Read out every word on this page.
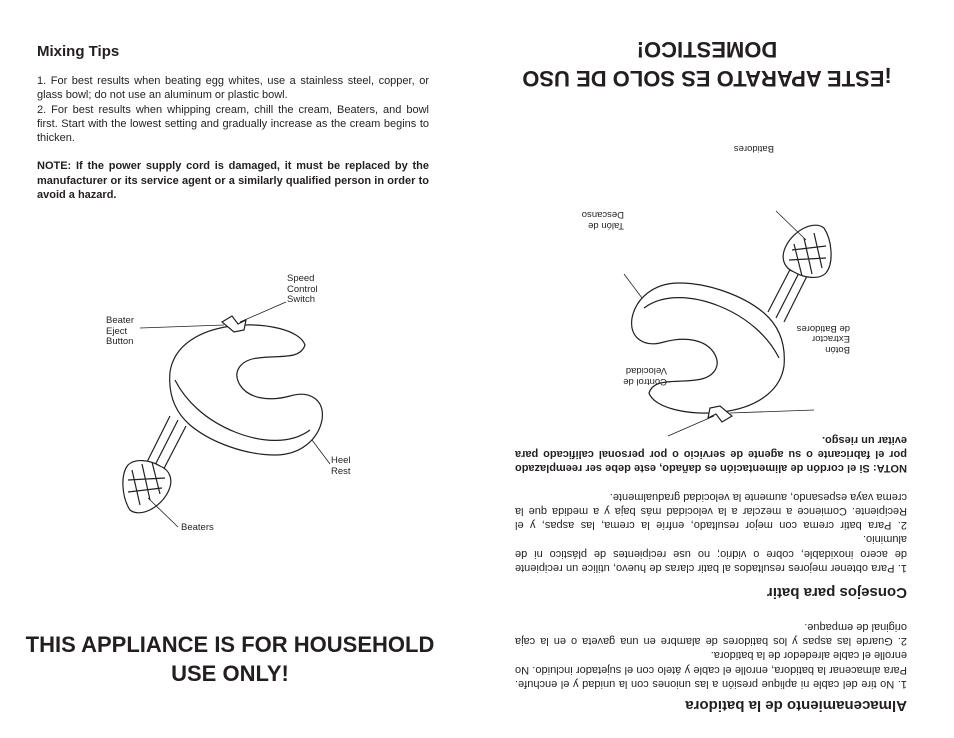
Mixing Tips

1. For best results when beating egg whites, use a stainless steel, copper, or glass bowl; do not use an aluminum or plastic bowl.

2. For best results when whipping cream, chill the cream, Beaters, and bowl first. Start with the lowest setting and gradually increase as the cream begins to thicken.

NOTE: If the power supply cord is damaged, it must be replaced by the manufacturer or its service agent or a similarly qualified person in order to avoid a hazard.

Speed
Control
Switch
Beater
Eject
Button
Heel
Rest
Beaters
THIS APPLIANCE IS FOR HOUSEHOLD
USE ONLY!
Almacenamiento de la batidora

1. No tire del cable ni aplique presión a las uniones con la unidad y el enchufe. Para almacenar la batidora, enrolle el cable y átelo con el sujetador incluido. No enrolle el cable alrededor de la batidora.

2. Guarde las aspas y los batidores de alambre en una gaveta o en la caja original de empaque.

Consejos para batir

1. Para obtener mejores resultados al batir claras de huevo, utilice un recipiente de acero inoxidable, cobre o vidrio; no use recipientes de plástico ni de aluminio.

2. Para batir crema con mejor resultado, enfríe la crema, las aspas, y el Recipiente. Comience a mezclar a la velocidad más baja y a medida que la crema vaya espesando, aumente la velocidad gradualmente.

NOTA: Si el cordón de alimentación es dañado, este debe ser reemplazado por el fabricante o su agente de servicio o por personal calificado para evitar un riesgo.

Control de
Velocidad
Botón
Extractor
de Batidores
Talón de
Descanso
Batidores
¡ESTE APARATO ES SOLO DE USO
DOMESTICO!
